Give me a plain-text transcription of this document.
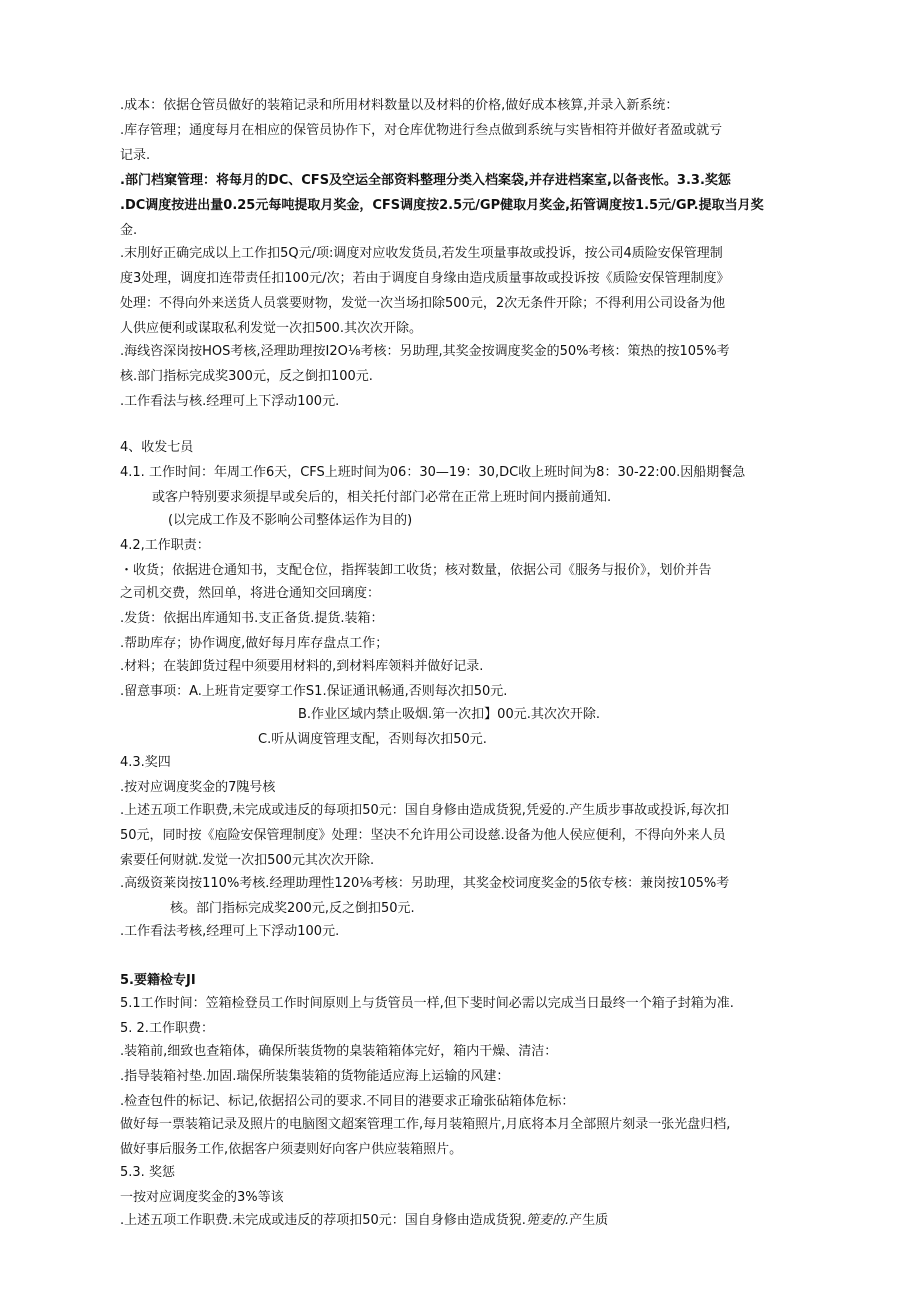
.成本：依据仓管员做好的装箱记录和所用材料数量以及材料的价格,做好成本核算,并录入新系统：
.库存管理；通度每月在相应的保管员协作下，对仓库优物进行叁点做到系统与实皆相符并做好者盈或就亏
记录.
.部门档窠管理：将每月的DC、CFS及空运全部资料整理分类入档案袋,并存进档案室,以备丧怅。3.3.奖惩
.DC调度按进出量0.25元每吨提取月奖金，CFS调度按2.5元/GP健取月奖金,拓管调度按1.5元/GP.提取当月奖
金.
.末刖好正确完成以上工作扣5Q元/项:调度对应收发货员,若发生项量事故或投诉，按公司4质险安保管理制
度3处理，调度扣连带责任扣100元/次；若由于调度自身缘由造戌质量事故或投诉按《质险安保管理制度》
处理：不得向外来送货人员裳要财物，发觉一次当场扣除500元，2次无条件开除；不得利用公司设备为他
人供应便利或谋取私利发觉一次扣500.其次次开除。
.海线咨深岗按HOS考核,泾理助理按I2O⅛考核：另助理,其奖金按调度奖金的50%考核：策热的按105%考
核.部门指标完成奖300元，反之倒扣100元.
.工作看法与核.经理可上下浮动100元.
4、收发七员
4.1. 工作时间：年周工作6天，CFS上班时间为06：30—19：30,DC收上班时间为8：30-22:00.因船期餐急
或客户特别要求须提早或矣后的，相关托付部门必常在正常上班时间内摄前通知.
(以完成工作及不影响公司整体运作为目的)
4.2,工作职责：
・收货；依据进仓通知书，支配仓位，指挥装卸工收货；核对数量，依据公司《服务与报价》，划价并告
之司机交费，然回单，将进仓通知交回璃度：
.发货：依据出库通知书.支正备货.提货.装箱：
.帮助库存；协作调度,做好每月库存盘点工作；
.材料；在装卸货过程中须要用材料的,到材料库领料并做好记录.
.留意事项：A.上班肯定要穿工作S1.保证通讯畅通,否则每次扣50元.
B.作业区域内禁止吸烟.第一次扣】00元.其次次开除.
C.听从调度管理支配，否则每次扣50元.
4.3.奖四
.按对应调度奖金的7隗号核
.上述五项工作职费,未完成或违反的每项扣50元：国自身修由造成货猊,凭爱的.产生质步事故或投诉,每次扣
50元，同时按《庖险安保管理制度》处理：坚决不允许用公司设慈.设备为他人侯应便利，不得向外来人员
索要任何财就.发觉一次扣500元其次次开除.
.高级资莱岗按110%考核.经理助理性120⅛考核：另助理，其奖金校词度奖金的5依专核：兼岗按105%考
核。部门指标完成奖200元,反之倒扣50元.
.工作看法考核,经理可上下浮动100元.
5.要籍检专JI
5.1工作时间：笠箱检登员工作时间原则上与货管员一样,但下斐时间必需以完成当日最终一个箱子封箱为准.
5. 2.工作职费：
.装箱前,细致也查箱体，确保所装货物的臬装箱箱体完好，箱内干燥、清洁：
.指导装箱衬垫.加固.瑞保所装集装箱的货物能适应海上运输的风建：
.检查包件的标记、标记,依据招公司的要求.不同目的港要求正瑜张砧箱体危标：
做好每一票装箱记录及照片的电脑图文超案管理工作,每月装箱照片,月底将本月全部照片刻录一张光盘归档,
做好事后服务工作,依据客户须妻则好向客户供应装箱照片。
5.3. 奖惩
一按对应调度奖金的3%等该
.上述五项工作职费.未完成或违反的荐项扣50元：国自身修由造成货猊.篼麦的.产生质
